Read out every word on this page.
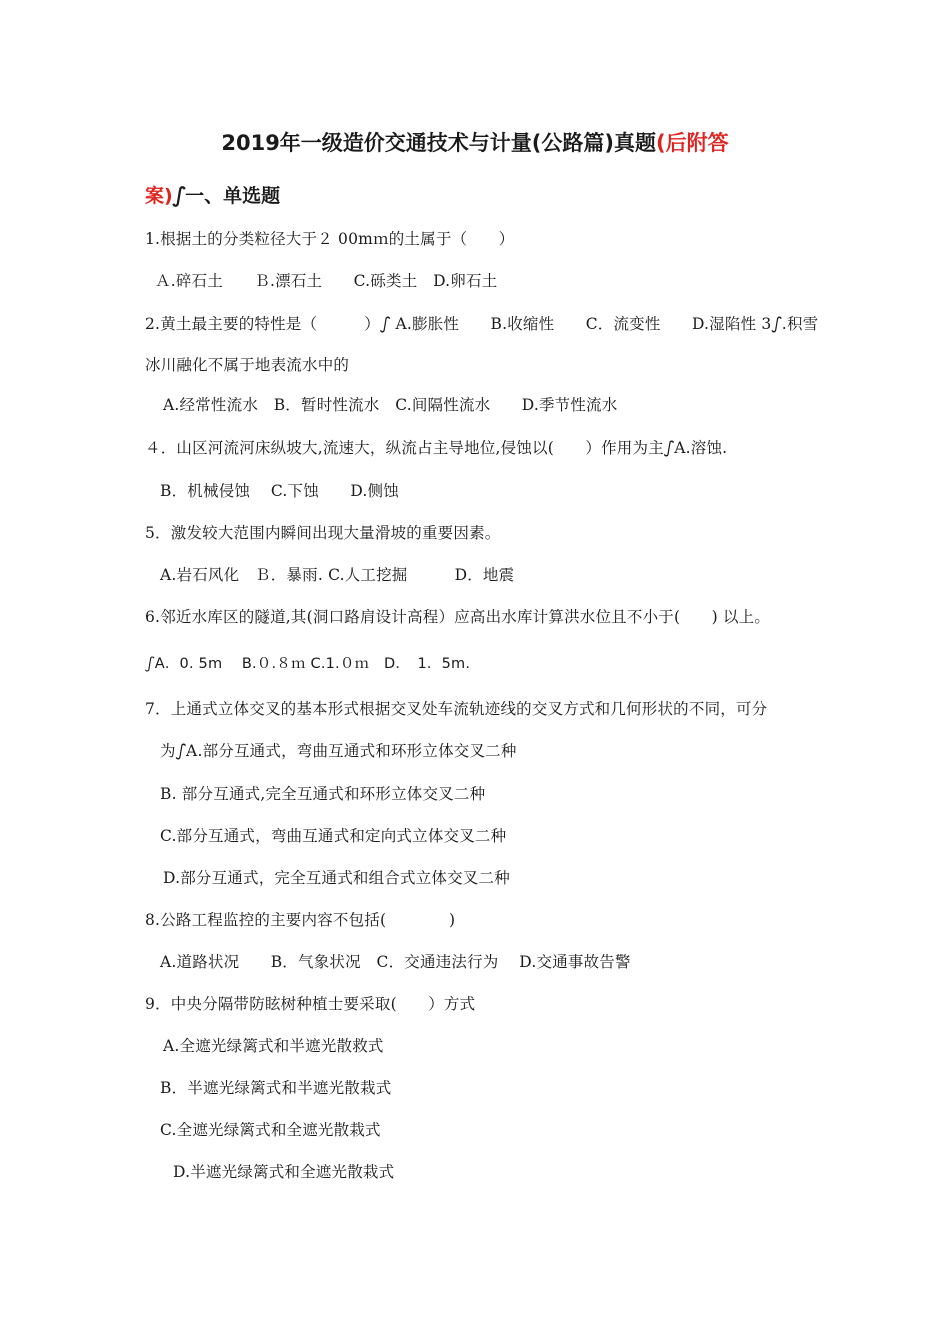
2019年一级造价交通技术与计量(公路篇)真题(后附答
案)ഽ一、单选题
1.根据土的分类粒径大于２ 00mｍ的土属于（　　）
Ａ.碎石土　　Ｂ.漂石土　　C.砾类土　D.卵石土
2.黄土最主要的特性是（　　　）ഽ A.膨胀性　　B.收缩性　　C．流变性　　D.湿陷性 3ഽ.积雪
冰川融化不属于地表流水中的
A.经常性流水　B．暂时性流水　C.间隔性流水　　D.季节性流水
４．山区河流河床纵坡大,流速大，纵流占主导地位,侵蚀以(　　）作用为主ഽA.溶蚀.
B．机械侵蚀　 C.下蚀　　D.侧蚀
5．激发较大范围内瞬间出现大量滑坡的重要因素。
A.岩石风化　Ｂ．暴雨. C.人工挖掘　　　D．地震
6.邻近水库区的隧道,其(洞口路肩设计高程）应高出水库计算洪水位且不小于(　　) 以上。
ഽA．0. 5m　 B.０.８ｍ C.1.０ｍ　D．　1．5m.
7．上通式立体交叉的基本形式根据交叉处车流轨迹线的交叉方式和几何形状的不同，可分
为ഽA.部分互通式，弯曲互通式和环形立体交叉二种
B. 部分互通式,完全互通式和环形立体交叉二种
C.部分互通式，弯曲互通式和定向式立体交叉二种
D.部分互通式，完全互通式和组合式立体交叉二种
8.公路工程监控的主要内容不包括(　　　　)
A.道路状况　　B．气象状况　C．交通违法行为　 D.交通事故告警
9．中央分隔带防眩树种植士要采取(　　）方式
A.全遮光绿篱式和半遮光散救式
B．半遮光绿篱式和半遮光散栽式
C.全遮光绿篱式和全遮光散栽式
D.半遮光绿篱式和全遮光散栽式
